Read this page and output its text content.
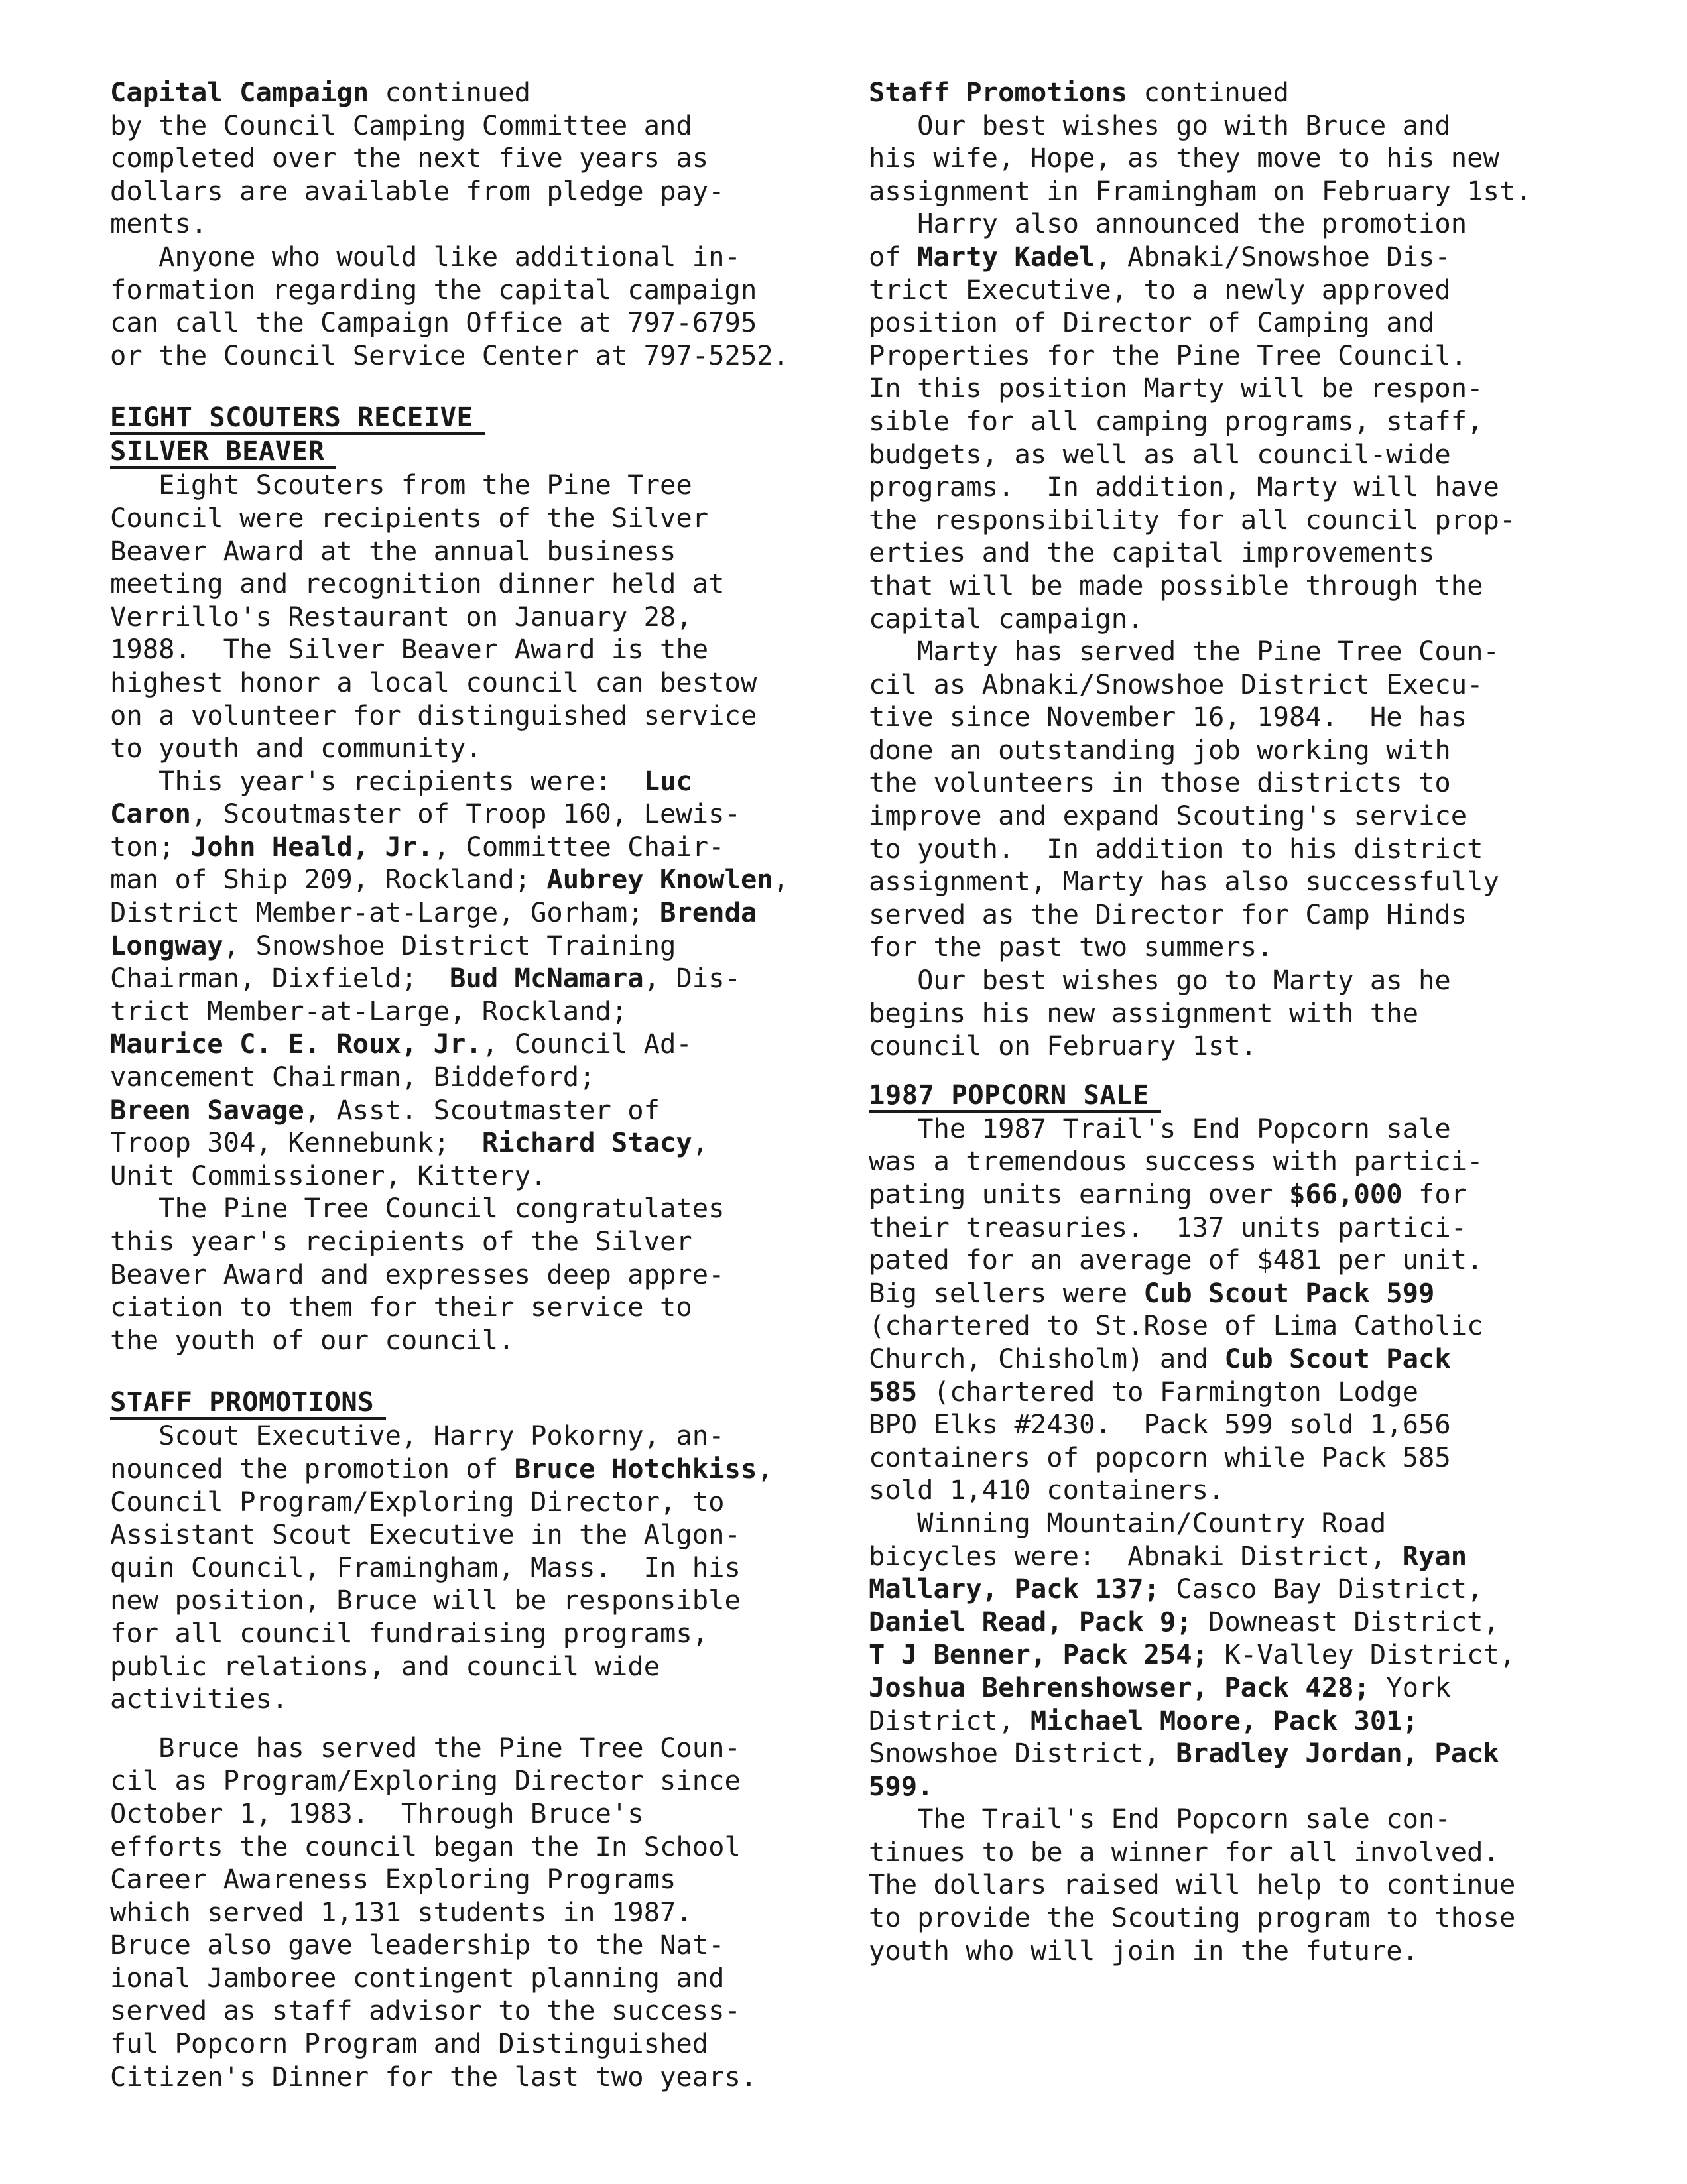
Capital Campaign continued

by the Council Camping Committee and

completed over the next five years as

dollars are available from pledge pay-

ments.

Anyone who would like additional in-

formation regarding the capital campaign

can call the Campaign Office at 797-6795

or the Council Service Center at 797-5252.

EIGHT SCOUTERS RECEIVE

SILVER BEAVER

Eight Scouters from the Pine Tree

Council were recipients of the Silver

Beaver Award at the annual business

meeting and recognition dinner held at

Verrillo's Restaurant on January 28,

1988.  The Silver Beaver Award is the

highest honor a local council can bestow

on a volunteer for distinguished service

to youth and community.

This year's recipients were:  Luc

Caron, Scoutmaster of Troop 160, Lewis-

ton; John Heald, Jr., Committee Chair-

man of Ship 209, Rockland; Aubrey Knowlen,

District Member-at-Large, Gorham; Brenda

Longway, Snowshoe District Training

Chairman, Dixfield;  Bud McNamara, Dis-

trict Member-at-Large, Rockland;

Maurice C. E. Roux, Jr., Council Ad-

vancement Chairman, Biddeford;

Breen Savage, Asst. Scoutmaster of

Troop 304, Kennebunk;  Richard Stacy,

Unit Commissioner, Kittery.

The Pine Tree Council congratulates

this year's recipients of the Silver

Beaver Award and expresses deep appre-

ciation to them for their service to

the youth of our council.

STAFF PROMOTIONS

Scout Executive, Harry Pokorny, an-

nounced the promotion of Bruce Hotchkiss,

Council Program/Exploring Director, to

Assistant Scout Executive in the Algon-

quin Council, Framingham, Mass.  In his

new position, Bruce will be responsible

for all council fundraising programs,

public relations, and council wide

activities.

Bruce has served the Pine Tree Coun-

cil as Program/Exploring Director since

October 1, 1983.  Through Bruce's

efforts the council began the In School

Career Awareness Exploring Programs

which served 1,131 students in 1987.

Bruce also gave leadership to the Nat-

ional Jamboree contingent planning and

served as staff advisor to the success-

ful Popcorn Program and Distinguished

Citizen's Dinner for the last two years.

Staff Promotions continued

Our best wishes go with Bruce and

his wife, Hope, as they move to his new

assignment in Framingham on February 1st.

Harry also announced the promotion

of Marty Kadel, Abnaki/Snowshoe Dis-

trict Executive, to a newly approved

position of Director of Camping and

Properties for the Pine Tree Council.

In this position Marty will be respon-

sible for all camping programs, staff,

budgets, as well as all council-wide

programs.  In addition, Marty will have

the responsibility for all council prop-

erties and the capital improvements

that will be made possible through the

capital campaign.

Marty has served the Pine Tree Coun-

cil as Abnaki/Snowshoe District Execu-

tive since November 16, 1984.  He has

done an outstanding job working with

the volunteers in those districts to

improve and expand Scouting's service

to youth.  In addition to his district

assignment, Marty has also successfully

served as the Director for Camp Hinds

for the past two summers.

Our best wishes go to Marty as he

begins his new assignment with the

council on February 1st.

1987 POPCORN SALE

The 1987 Trail's End Popcorn sale

was a tremendous success with partici-

pating units earning over $66,000 for

their treasuries.  137 units partici-

pated for an average of $481 per unit.

Big sellers were Cub Scout Pack 599

(chartered to St.Rose of Lima Catholic

Church, Chisholm) and Cub Scout Pack

585 (chartered to Farmington Lodge

BPO Elks #2430.  Pack 599 sold 1,656

containers of popcorn while Pack 585

sold 1,410 containers.

Winning Mountain/Country Road

bicycles were:  Abnaki District, Ryan

Mallary, Pack 137; Casco Bay District,

Daniel Read, Pack 9; Downeast District,

T J Benner, Pack 254; K-Valley District,

Joshua Behrenshowser, Pack 428; York

District, Michael Moore, Pack 301;

Snowshoe District, Bradley Jordan, Pack

599.

The Trail's End Popcorn sale con-

tinues to be a winner for all involved.

The dollars raised will help to continue

to provide the Scouting program to those

youth who will join in the future.
